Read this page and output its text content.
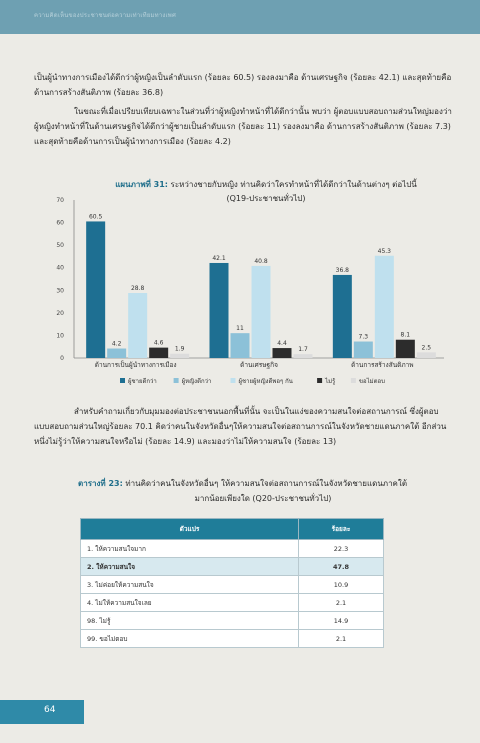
ความคิดเห็นของประชาชนต่อความเท่าเทียมทางเพศ
เป็นผู้นำทางการเมืองได้ดีกว่าผู้หญิงเป็นลำดับแรก (ร้อยละ 60.5) รองลงมาคือ ด้านเศรษฐกิจ (ร้อยละ 42.1) และสุดท้ายคือด้านการสร้างสันติภาพ (ร้อยละ 36.8)
ในขณะที่เมื่อเปรียบเทียบเฉพาะในส่วนที่ว่าผู้หญิงทำหน้าที่ได้ดีกว่านั้น พบว่า ผู้ตอบแบบสอบถามส่วนใหญ่มองว่าผู้หญิงทำหน้าที่ในด้านเศรษฐกิจได้ดีกว่าผู้ชายเป็นลำดับแรก (ร้อยละ 11) รองลงมาคือ ด้านการสร้างสันติภาพ (ร้อยละ 7.3) และสุดท้ายคือด้านการเป็นผู้นำทางการเมือง (ร้อยละ 4.2)
แผนภาพที่ 31: ระหว่างชายกับหญิง ท่านคิดว่าใครทำหน้าที่ได้ดีกว่าในด้านต่างๆ ต่อไปนี้
(Q19-ประชาชนทั่วไป)
0
10
20
30
40
50
60
70
60.5
4.2
28.8
4.6
1.9
ด้านการเป็นผู้นำทางการเมือง
42.1
11
40.8
4.4
1.7
ด้านเศรษฐกิจ
36.8
7.3
45.3
8.1
2.5
ด้านการสร้างสันติภาพ
ผู้ชายดีกว่า	ผู้หญิงดีกว่า	ผู้ชายผู้หญิงดีพอๆ กัน	ไม่รู้	ขอไม่ตอบ
สำหรับคำถามเกี่ยวกับมุมมองต่อประชาชนนอกพื้นที่นั้น จะเป็นในแง่ของความสนใจต่อสถานการณ์ ซึ่งผู้ตอบแบบสอบถามส่วนใหญ่ร้อยละ 70.1 คิดว่าคนในจังหวัดอื่นๆให้ความสนใจต่อสถานการณ์ในจังหวัดชายแดนภาคใต้ อีกส่วนหนึ่งไม่รู้ว่าให้ความสนใจหรือไม่ (ร้อยละ 14.9) และมองว่าไม่ให้ความสนใจ (ร้อยละ 13)
ตารางที่ 23: ท่านคิดว่าคนในจังหวัดอื่นๆ ให้ความสนใจต่อสถานการณ์ในจังหวัดชายแดนภาคใต้
มากน้อยเพียงใด (Q20-ประชาชนทั่วไป)
ตัวแปร	ร้อยละ
1. ให้ความสนใจมาก	22.3
2. ให้ความสนใจ	47.8
3. ไม่ค่อยให้ความสนใจ	10.9
4. ไม่ให้ความสนใจเลย	2.1
98. ไม่รู้	14.9
99. ขอไม่ตอบ	2.1
64
